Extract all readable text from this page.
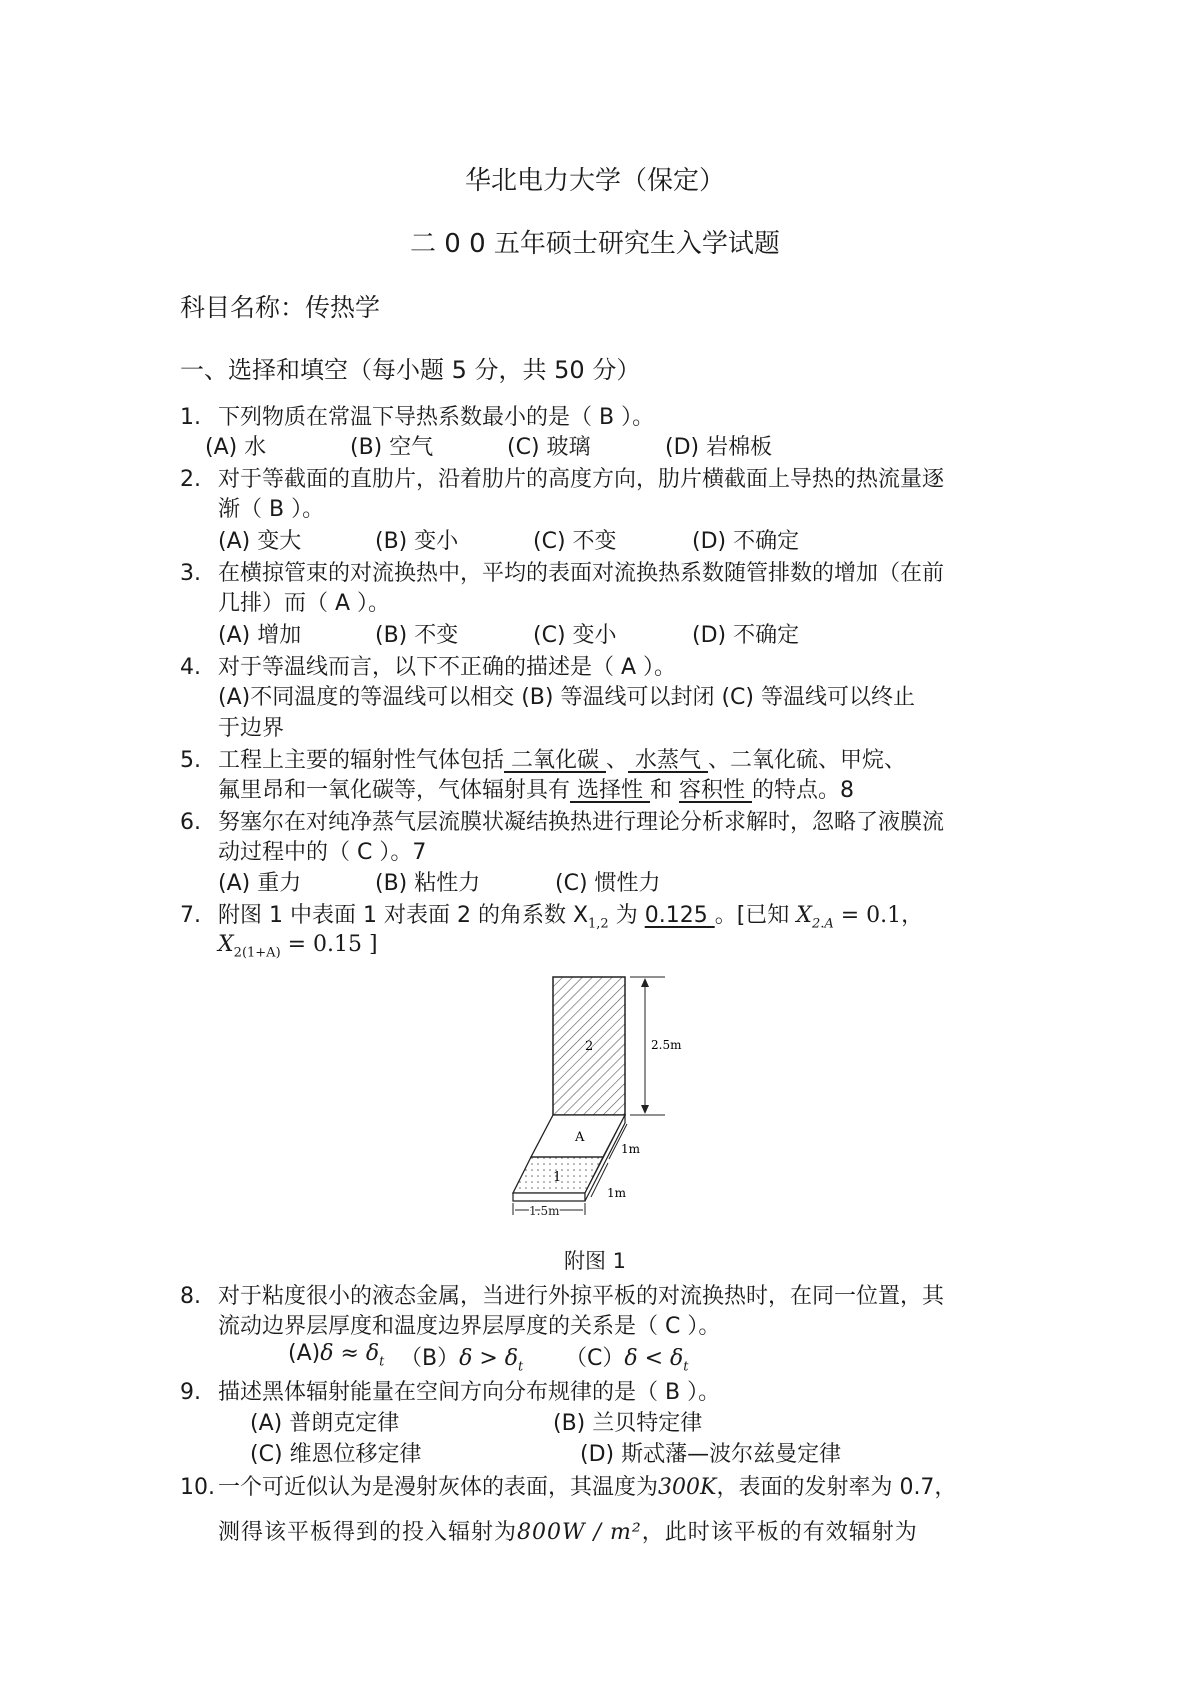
华北电力大学（保定）
二 0 0 五年硕士研究生入学试题
科目名称：传热学
一、选择和填空（每小题 5 分，共 50 分）
1. 下列物质在常温下导热系数最小的是（ B ）。
(A) 水	(B) 空气	(C) 玻璃	(D) 岩棉板
2. 对于等截面的直肋片，沿着肋片的高度方向，肋片横截面上导热的热流量逐
渐（ B ）。
(A) 变大	(B) 变小	(C) 不变	(D) 不确定
3. 在横掠管束的对流换热中，平均的表面对流换热系数随管排数的增加（在前
几排）而（ A ）。
(A) 增加	(B) 不变	(C) 变小	(D) 不确定
4. 对于等温线而言，以下不正确的描述是（ A ）。
(A)不同温度的等温线可以相交 (B) 等温线可以封闭 (C) 等温线可以终止
于边界
5. 工程上主要的辐射性气体包括 二氧化碳 、 水蒸气 、二氧化硫、甲烷、
氟里昂和一氧化碳等，气体辐射具有 选择性 和 容积性 的特点。8
6. 努塞尔在对纯净蒸气层流膜状凝结换热进行理论分析求解时，忽略了液膜流
动过程中的（ C ）。7
(A) 重力	(B) 粘性力	(C) 惯性力
7. 附图 1 中表面 1 对表面 2 的角系数 $X_{1,2}$ 为 0.125 。[已知 $X_{2.A} = 0.1$，
$X_{2(1+A)} = 0.15$ ]
2
A
1
2.5m
1m
1m
1.5m
附图 1
8. 对于粘度很小的液态金属，当进行外掠平板的对流换热时，在同一位置，其
流动边界层厚度和温度边界层厚度的关系是（ C ）。
$(A)\delta \approx \delta_t$ $(B)\delta > \delta_t$ $(C)\delta < \delta_t$
9. 描述黑体辐射能量在空间方向分布规律的是（ B ）。
(A) 普朗克定律	(B) 兰贝特定律
(C) 维恩位移定律	(D) 斯忒藩—波尔兹曼定律
10. 一个可近似认为是漫射灰体的表面，其温度为300K，表面的发射率为 0.7，
测得该平板得到的投入辐射为800W / m²，此时该平板的有效辐射为
